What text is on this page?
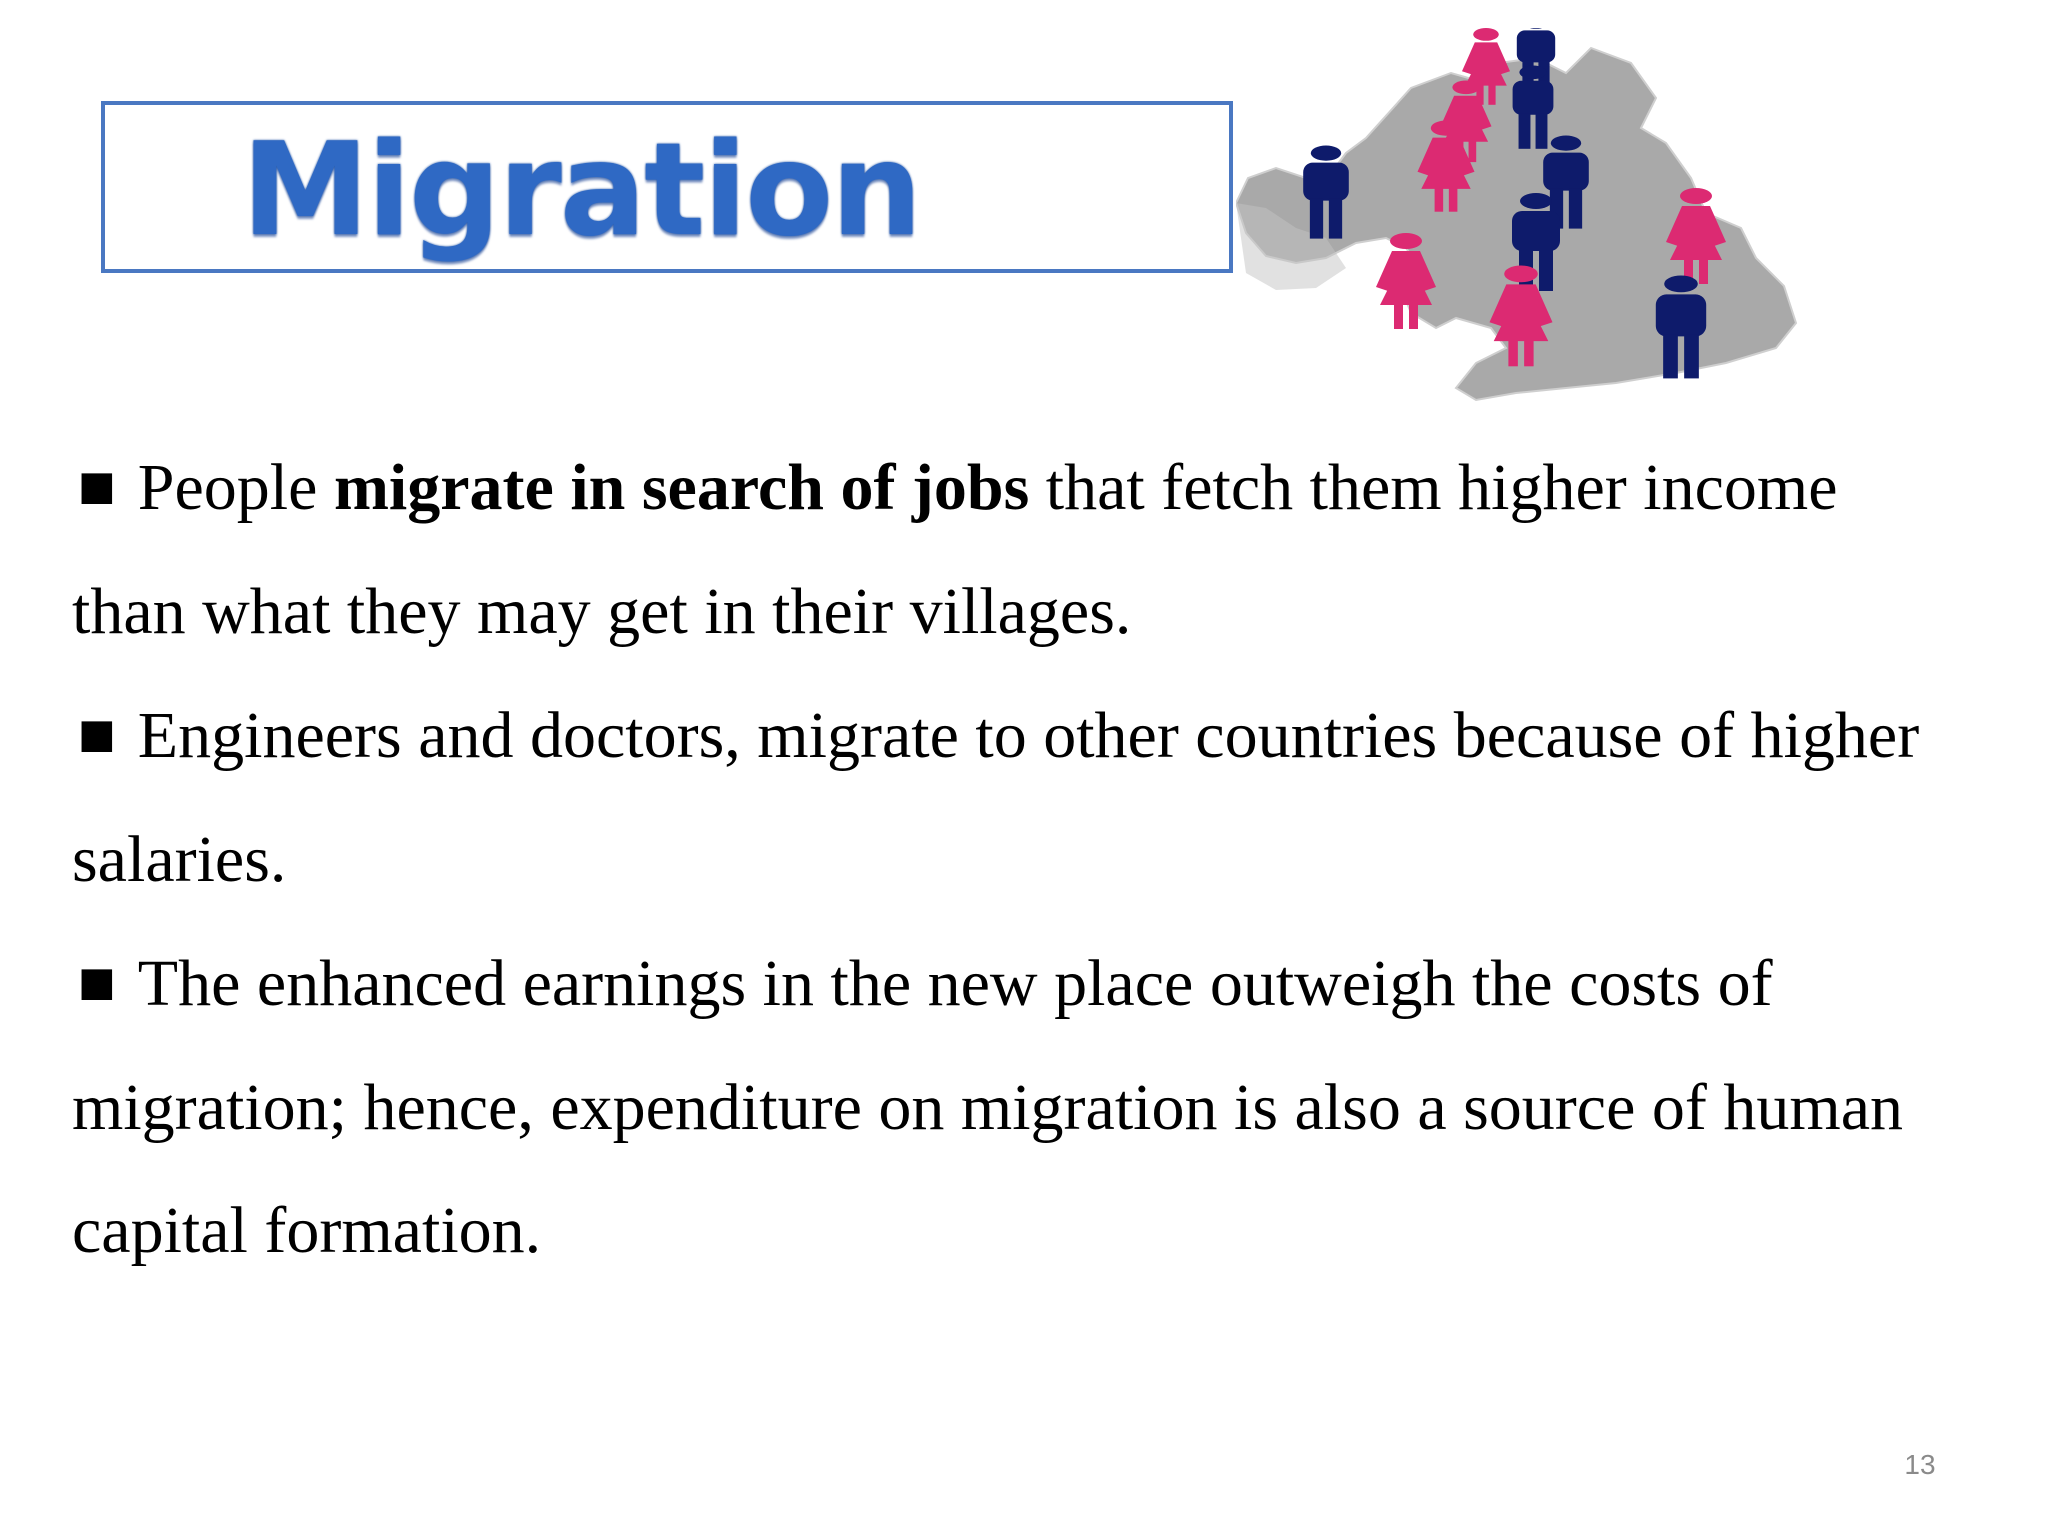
Migration

■ People migrate in search of jobs that fetch them higher income than what they may get in their villages.

■ Engineers and doctors, migrate to other countries because of higher salaries.

■ The enhanced earnings in the new place outweigh the costs of migration; hence, expenditure on migration is also a source of human capital formation.

13
